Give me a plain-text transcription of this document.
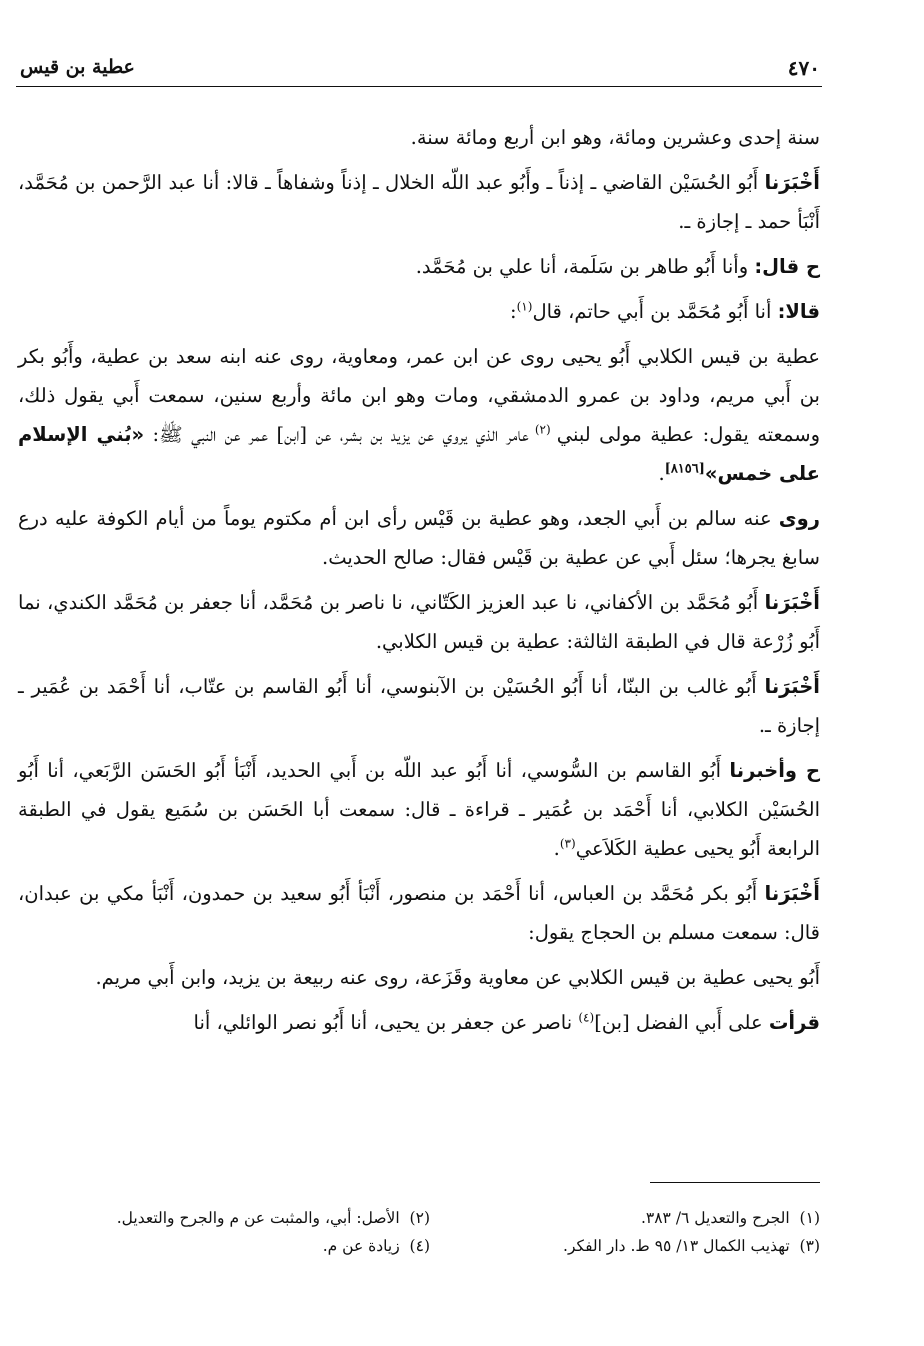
٤٧٠
عطية بن قيس

سنة إحدى وعشرين ومائة، وهو ابن أربع ومائة سنة.

أَخْبَرَنا أَبُو الحُسَيْن القاضي ـ إذناً ـ وأَبُو عبد اللّه الخلال ـ إذناً وشفاهاً ـ قالا: أنا عبد الرَّحمن بن مُحَمَّد، أَنْبَأ حمد ـ إجازة ـ.

ح قال: وأنا أَبُو طاهر بن سَلَمة، أنا علي بن مُحَمَّد.

قالا: أنا أَبُو مُحَمَّد بن أَبي حاتم، قال$^{(١)}$:

عطية بن قيس الكلابي أَبُو يحيى روى عن ابن عمر، ومعاوية، روى عنه ابنه سعد بن عطية، وأَبُو بكر بن أَبي مريم، وداود بن عمرو الدمشقي، ومات وهو ابن مائة وأربع سنين، سمعت أَبي يقول ذلك، وسمعته يقول: عطية مولى لبني $^{(٢)}$ عامر الذي يروي عن يزيد بن بشر، عن [ابن] عمر عن النبي ﷺ: «بُني الإسلام على خمس»[٨١٥٦].

روى عنه سالم بن أَبي الجعد، وهو عطية بن قَيْس رأى ابن أم مكتوم يوماً من أيام الكوفة عليه درع سابغ يجرها؛ سئل أَبي عن عطية بن قَيْس فقال: صالح الحديث.

أَخْبَرَنا أَبُو مُحَمَّد بن الأكفاني، نا عبد العزيز الكَتّاني، نا ناصر بن مُحَمَّد، أنا جعفر بن مُحَمَّد الكندي، نما أَبُو زُرْعة قال في الطبقة الثالثة: عطية بن قيس الكلابي.

أَخْبَرَنا أَبُو غالب بن البنّا، أنا أَبُو الحُسَيْن بن الآبنوسي، أنا أَبُو القاسم بن عتّاب، أنا أَحْمَد بن عُمَير ـ إجازة ـ.

ح وأخبرنا أَبُو القاسم بن السُّوسي، أنا أَبُو عبد اللّه بن أَبي الحديد، أَنْبَأ أَبُو الحَسَن الرَّبَعي، أنا أَبُو الحُسَيْن الكلابي، أنا أَحْمَد بن عُمَير ـ قراءة ـ قال: سمعت أبا الحَسَن بن سُمَيع يقول في الطبقة الرابعة أَبُو يحيى عطية الكَلاَعي$^{(٣)}$.

أَخْبَرَنا أَبُو بكر مُحَمَّد بن العباس، أنا أَحْمَد بن منصور، أَنْبَأ أَبُو سعيد بن حمدون، أَنْبَأ مكي بن عبدان، قال: سمعت مسلم بن الحجاج يقول:

أَبُو يحيى عطية بن قيس الكلابي عن معاوية وقَزَعة، روى عنه ربيعة بن يزيد، وابن أَبي مريم.

قرأت على أَبي الفضل [بن]$^{(٤)}$ ناصر عن جعفر بن يحيى، أنا أَبُو نصر الوائلي، أنا

(١)  الجرح والتعديل ٦/ ٣٨٣.
(٢)  الأصل: أبي، والمثبت عن م والجرح والتعديل.
(٣)  تهذيب الكمال ١٣/ ٩٥ ط. دار الفكر.
(٤)  زيادة عن م.
